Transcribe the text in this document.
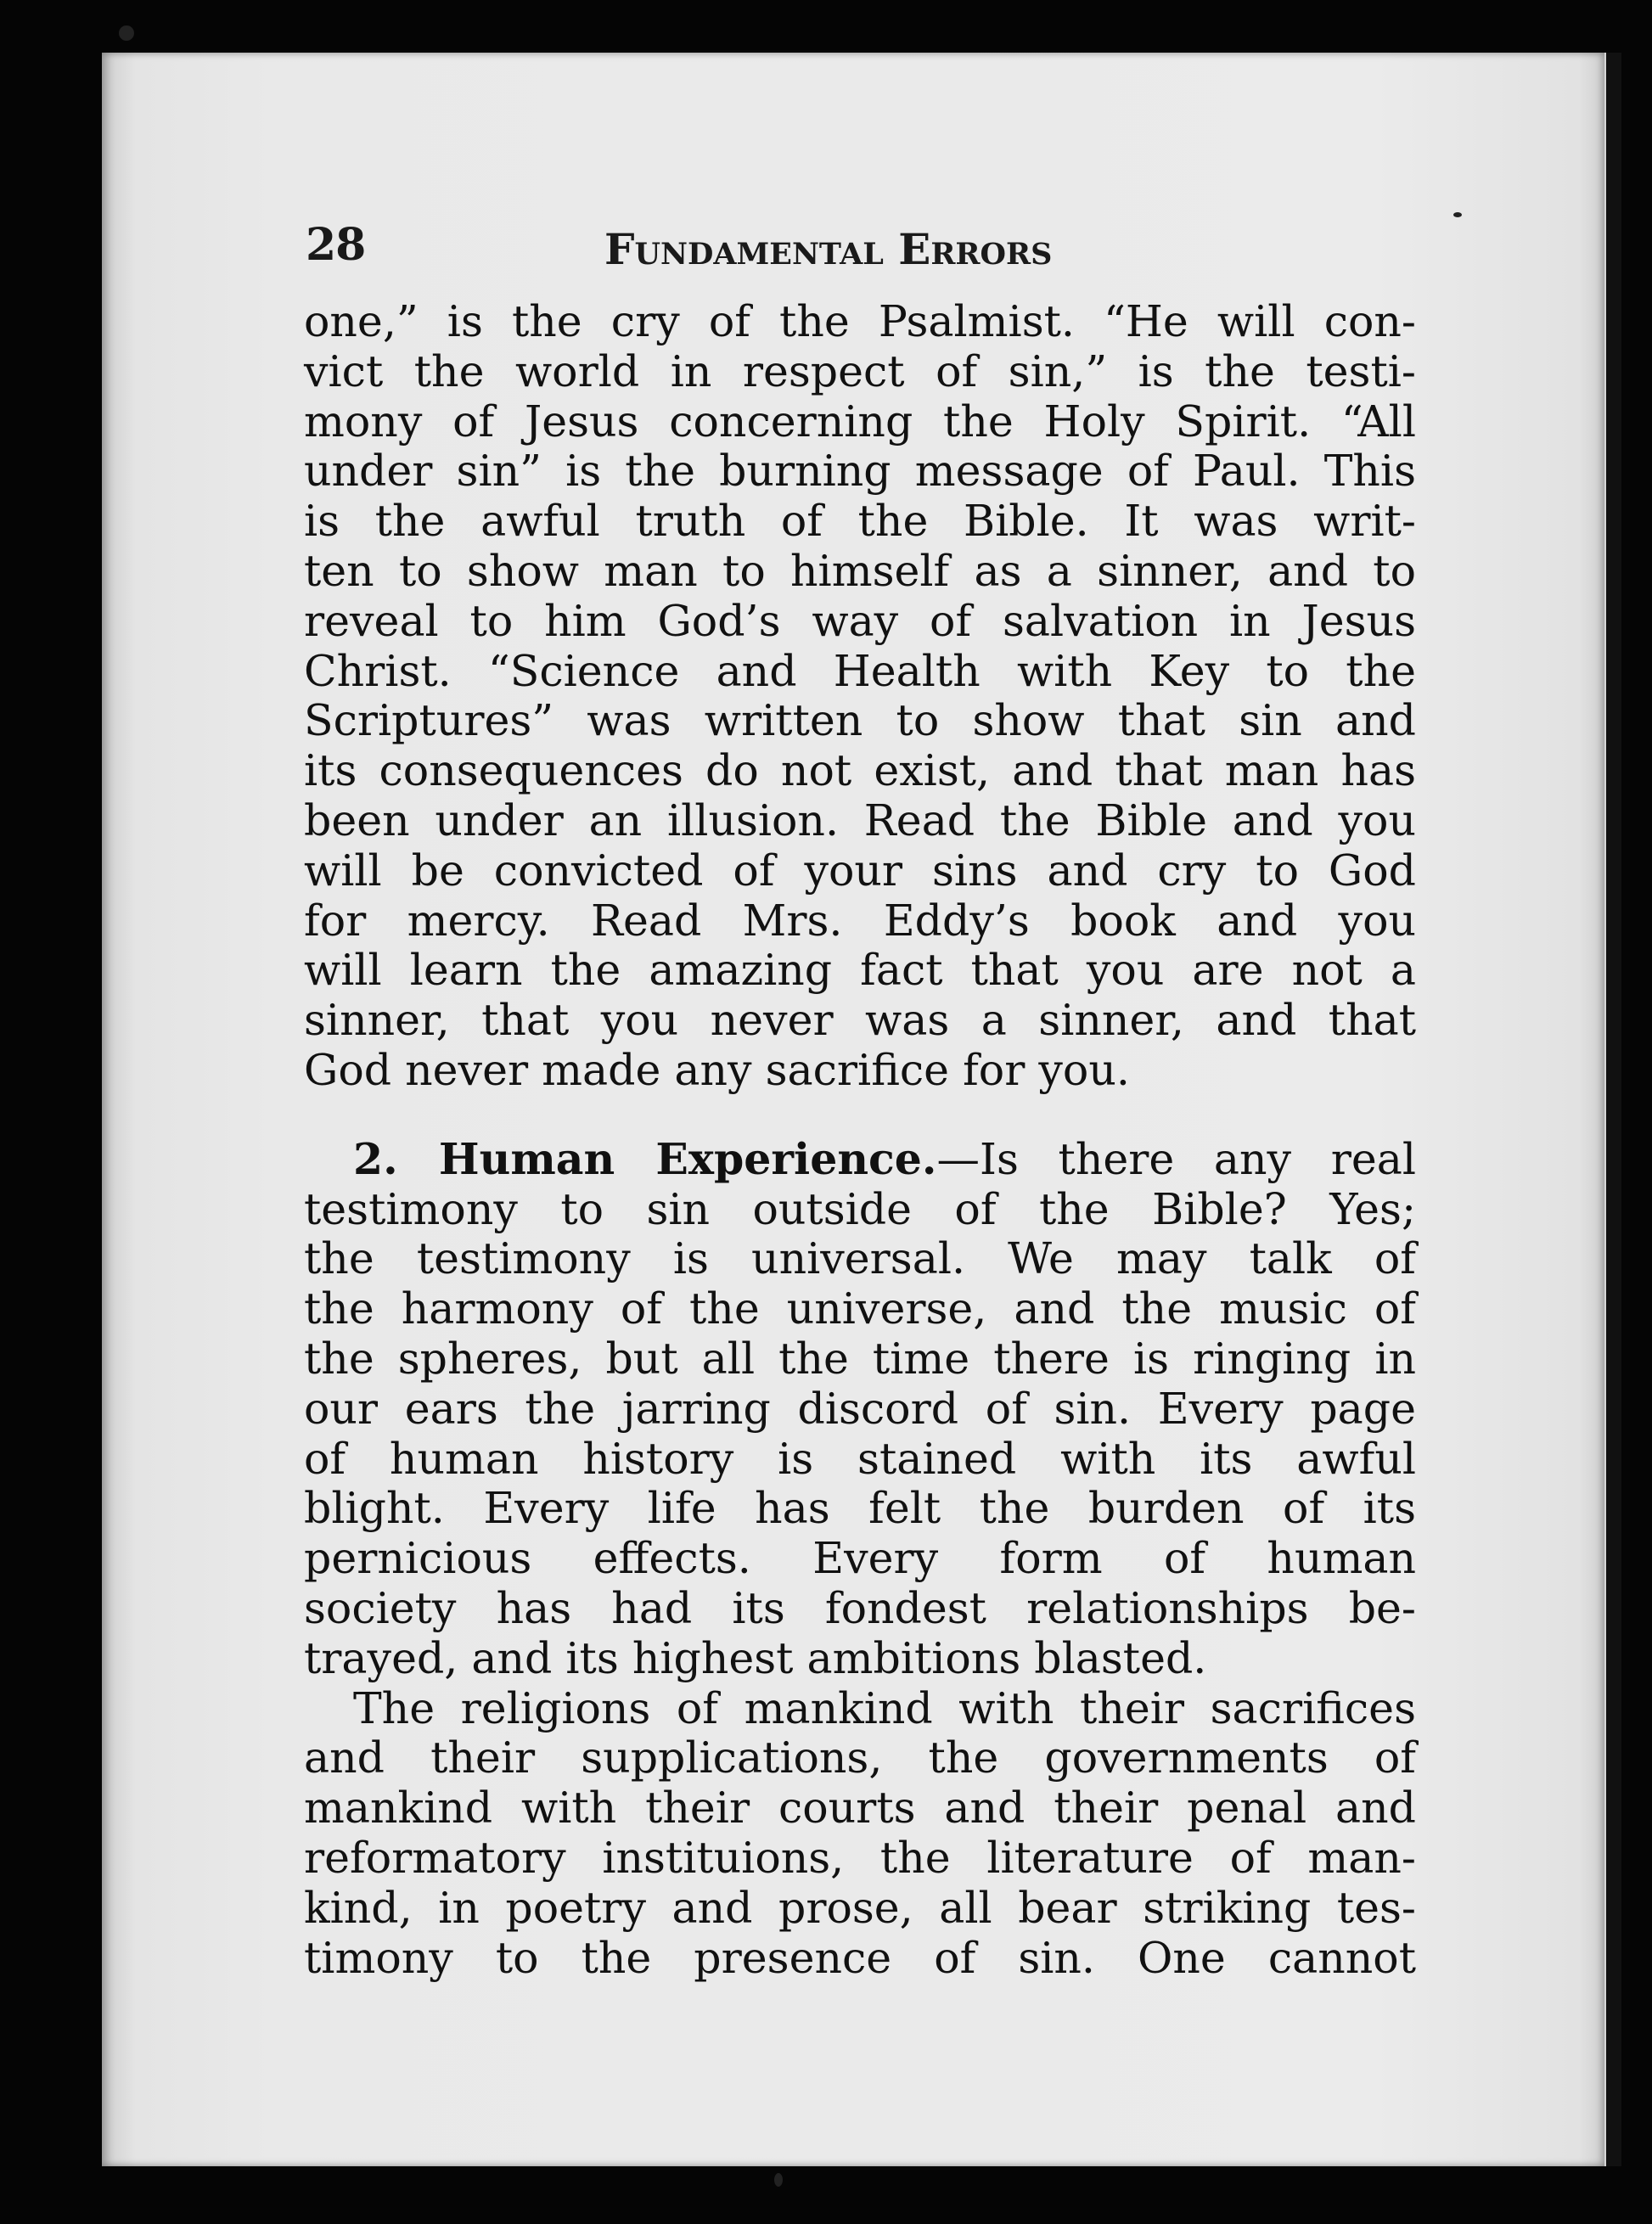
28	Fundamental Errors
one,” is the cry of the Psalmist. “He will con-
vict the world in respect of sin,” is the testi-
mony of Jesus concerning the Holy Spirit. “All
under sin” is the burning message of Paul. This
is the awful truth of the Bible. It was writ-
ten to show man to himself as a sinner, and to
reveal to him God’s way of salvation in Jesus
Christ. “Science and Health with Key to the
Scriptures” was written to show that sin and
its consequences do not exist, and that man has
been under an illusion. Read the Bible and you
will be convicted of your sins and cry to God
for mercy. Read Mrs. Eddy’s book and you
will learn the amazing fact that you are not a
sinner, that you never was a sinner, and that
God never made any sacrifice for you.
2. Human Experience.—Is there any real
testimony to sin outside of the Bible? Yes;
the testimony is universal. We may talk of
the harmony of the universe, and the music of
the spheres, but all the time there is ringing in
our ears the jarring discord of sin. Every page
of human history is stained with its awful
blight. Every life has felt the burden of its
pernicious effects. Every form of human
society has had its fondest relationships be-
trayed, and its highest ambitions blasted.
The religions of mankind with their sacrifices
and their supplications, the governments of
mankind with their courts and their penal and
reformatory instituions, the literature of man-
kind, in poetry and prose, all bear striking tes-
timony to the presence of sin. One cannot
